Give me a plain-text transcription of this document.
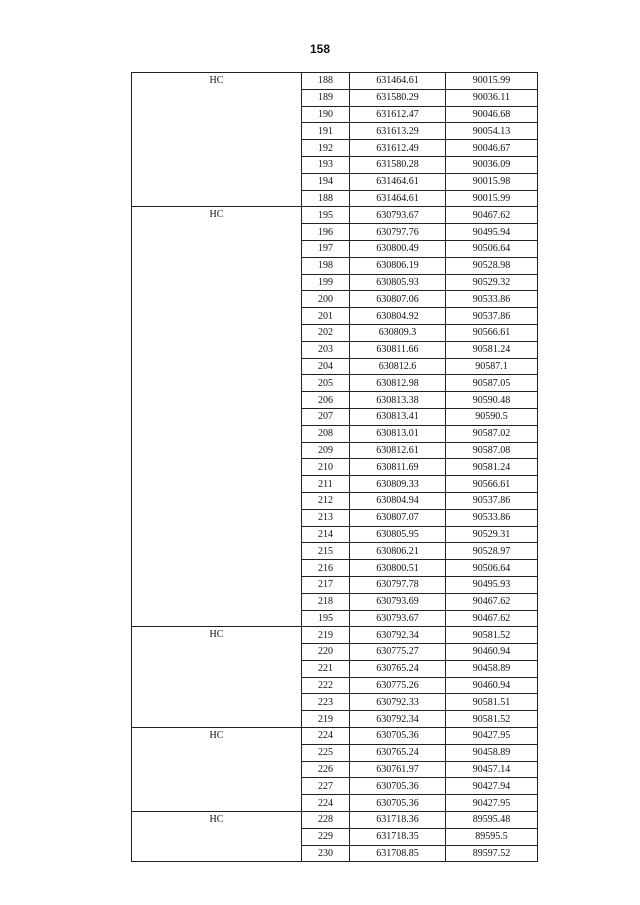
158
НС	188	631464.61	90015.99
	189	631580.29	90036.11
	190	631612.47	90046.68
	191	631613.29	90054.13
	192	631612.49	90046.67
	193	631580.28	90036.09
	194	631464.61	90015.98
	188	631464.61	90015.99
НС	195	630793.67	90467.62
	196	630797.76	90495.94
	197	630800.49	90506.64
	198	630806.19	90528.98
	199	630805.93	90529.32
	200	630807.06	90533.86
	201	630804.92	90537.86
	202	630809.3	90566.61
	203	630811.66	90581.24
	204	630812.6	90587.1
	205	630812.98	90587.05
	206	630813.38	90590.48
	207	630813.41	90590.5
	208	630813.01	90587.02
	209	630812.61	90587.08
	210	630811.69	90581.24
	211	630809.33	90566.61
	212	630804.94	90537.86
	213	630807.07	90533.86
	214	630805.95	90529.31
	215	630806.21	90528.97
	216	630800.51	90506.64
	217	630797.78	90495.93
	218	630793.69	90467.62
	195	630793.67	90467.62
НС	219	630792.34	90581.52
	220	630775.27	90460.94
	221	630765.24	90458.89
	222	630775.26	90460.94
	223	630792.33	90581.51
	219	630792.34	90581.52
НС	224	630705.36	90427.95
	225	630765.24	90458.89
	226	630761.97	90457.14
	227	630705.36	90427.94
	224	630705.36	90427.95
НС	228	631718.36	89595.48
	229	631718.35	89595.5
	230	631708.85	89597.52
